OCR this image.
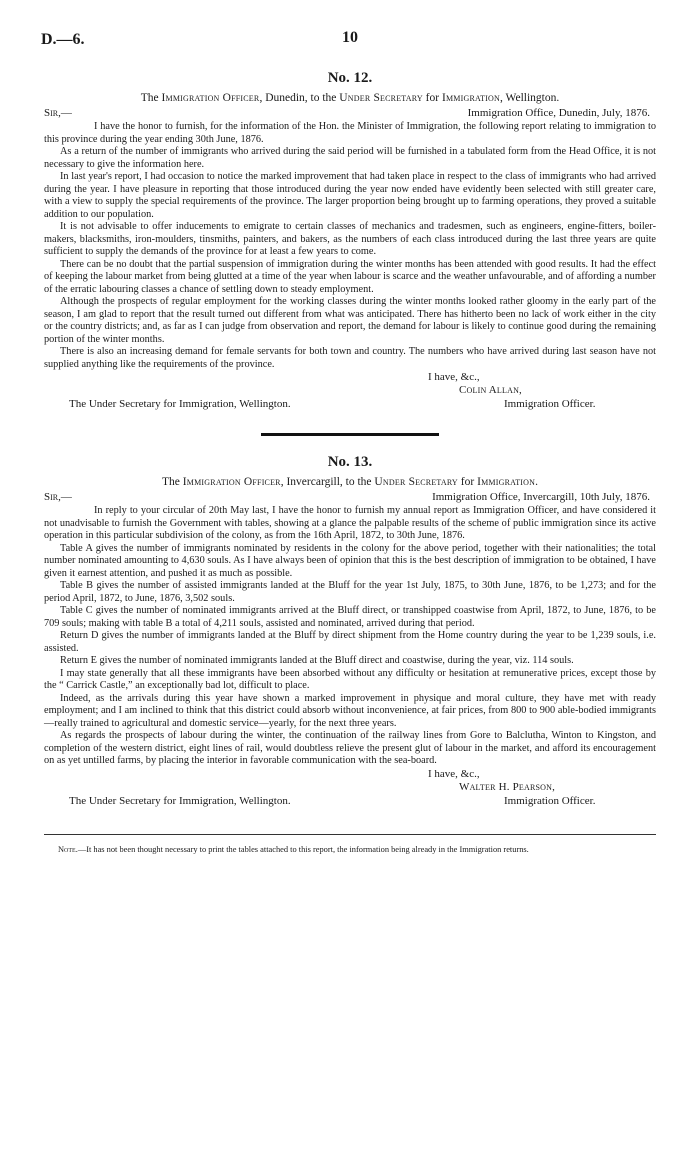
D.—6.	10
No. 12.
The Immigration Officer, Dunedin, to the Under Secretary for Immigration, Wellington.
Sir,—	Immigration Office, Dunedin, July, 1876.

I have the honor to furnish, for the information of the Hon. the Minister of Immigration, the following report relating to immigration to this province during the year ending 30th June, 1876.

As a return of the number of immigrants who arrived during the said period will be furnished in a tabulated form from the Head Office, it is not necessary to give the information here.

In last year's report, I had occasion to notice the marked improvement that had taken place in respect to the class of immigrants who had arrived during the year. I have pleasure in reporting that those introduced during the year now ended have evidently been selected with still greater care, with a view to supply the special requirements of the province. The larger proportion being brought up to farming operations, they proved a suitable addition to our population.

It is not advisable to offer inducements to emigrate to certain classes of mechanics and tradesmen, such as engineers, engine-fitters, boiler-makers, blacksmiths, iron-moulders, tinsmiths, painters, and bakers, as the numbers of each class introduced during the last three years are quite sufficient to supply the demands of the province for at least a few years to come.

There can be no doubt that the partial suspension of immigration during the winter months has been attended with good results. It had the effect of keeping the labour market from being glutted at a time of the year when labour is scarce and the weather unfavourable, and of affording a number of the erratic labouring classes a chance of settling down to steady employment.

Although the prospects of regular employment for the working classes during the winter months looked rather gloomy in the early part of the season, I am glad to report that the result turned out different from what was anticipated. There has hitherto been no lack of work either in the city or the country districts; and, as far as I can judge from observation and report, the demand for labour is likely to continue good during the remaining portion of the winter months.

There is also an increasing demand for female servants for both town and country. The numbers who have arrived during last season have not supplied anything like the requirements of the province.

I have, &c.,
Colin Allan,
The Under Secretary for Immigration, Wellington.	Immigration Officer.
No. 13.
The Immigration Officer, Invercargill, to the Under Secretary for Immigration.
Sir,—	Immigration Office, Invercargill, 10th July, 1876.

In reply to your circular of 20th May last, I have the honor to furnish my annual report as Immigration Officer, and have considered it not unadvisable to furnish the Government with tables, showing at a glance the palpable results of the scheme of public immigration since its active operation in this particular subdivision of the colony, as from the 16th April, 1872, to 30th June, 1876.

Table A gives the number of immigrants nominated by residents in the colony for the above period, together with their nationalities; the total number nominated amounting to 4,630 souls. As I have always been of opinion that this is the best description of immigration to be obtained, I have given it earnest attention, and pushed it as much as possible.

Table B gives the number of assisted immigrants landed at the Bluff for the year 1st July, 1875, to 30th June, 1876, to be 1,273; and for the period April, 1872, to June, 1876, 3,502 souls.

Table C gives the number of nominated immigrants arrived at the Bluff direct, or transhipped coastwise from April, 1872, to June, 1876, to be 709 souls; making with table B a total of 4,211 souls, assisted and nominated, arrived during that period.

Return D gives the number of immigrants landed at the Bluff by direct shipment from the Home country during the year to be 1,239 souls, i.e. assisted.

Return E gives the number of nominated immigrants landed at the Bluff direct and coastwise, during the year, viz. 114 souls.

I may state generally that all these immigrants have been absorbed without any difficulty or hesitation at remunerative prices, except those by the “ Carrick Castle,” an exceptionally bad lot, difficult to place.

Indeed, as the arrivals during this year have shown a marked improvement in physique and moral culture, they have met with ready employment; and I am inclined to think that this district could absorb without inconvenience, at fair prices, from 800 to 900 able-bodied immigrants—really trained to agricultural and domestic service—yearly, for the next three years.

As regards the prospects of labour during the winter, the continuation of the railway lines from Gore to Balclutha, Winton to Kingston, and completion of the western district, eight lines of rail, would doubtless relieve the present glut of labour in the market, and afford its encouragement on as yet untilled farms, by placing the interior in favorable communication with the sea-board.

I have, &c.,
Walter H. Pearson,
The Under Secretary for Immigration, Wellington.	Immigration Officer.
Note.—It has not been thought necessary to print the tables attached to this report, the information being already in the Immigration returns.
